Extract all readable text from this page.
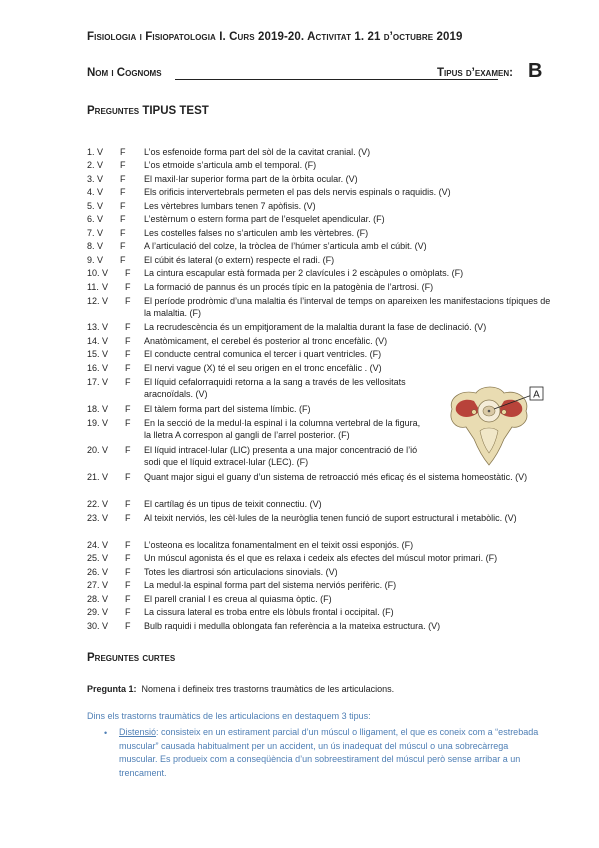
Fisiologia i Fisiopatologia I. Curs 2019-20. Activitat 1. 21 d’octubre 2019
Nom i Cognoms	Tipus d’examen: B
Preguntes TIPUS TEST
1. V F L’os esfenoide forma part del sòl de la cavitat cranial. (V)
2. V F L’os etmoide s’articula amb el temporal. (F)
3. V F El maxil·lar superior forma part de la òrbita ocular. (V)
4. V F Els orificis intervertebrals permeten el pas dels nervis espinals o raquidis. (V)
5. V F Les vèrtebres lumbars tenen 7 apòfisis. (V)
6. V F L’estèrnum o estern forma part de l’esquelet apendicular. (F)
7. V F Les costelles falses no s’articulen amb les vèrtebres. (F)
8. V F A l’articulació del colze, la tròclea de l’húmer s’articula amb el cúbit. (V)
9. V F El cúbit és lateral (o extern) respecte el radi. (F)
10. V F La cintura escapular està formada per 2 clavícules i 2 escàpules o omòplats. (F)
11. V F La formació de pannus és un procés típic en la patogènia de l’artrosi. (F)
12. V F El període prodròmic d’una malaltia és l’interval de temps on apareixen les manifestacions típiques de la malaltia. (F)
13. V F La recrudescència és un empitjorament de la malaltia durant la fase de declinació. (V)
14. V F Anatòmicament, el cerebel és posterior al tronc encefàlic. (V)
15. V F El conducte central comunica el tercer i quart ventricles. (F)
16. V F El nervi vague (X) té el seu origen en el tronc encefàlic . (V)
17. V F El líquid cefalorraquidi retorna a la sang a través de les vellositats aracnoïdals. (V)
18. V F El tàlem forma part del sistema límbic. (F)
19. V F En la secció de la medul·la espinal i la columna vertebral de la figura, la lletra A correspon al gangli de l’arrel posterior. (F)
20. V F El líquid intracel·lular (LIC) presenta a una major concentració de l’ió sodi que el líquid extracel·lular (LEC). (F)
21. V F Quant major sigui el guany d’un sistema de retroacció més eficaç és el sistema homeostàtic. (V)
22. V F El cartílag és un tipus de teixit connectiu. (V)
23. V F Al teixit nerviós, les cèl·lules de la neuròglia tenen funció de suport estructural i metabòlic. (V)
24. V F L’osteona es localitza fonamentalment en el teixit ossi esponjós. (F)
25. V F Un múscul agonista és el que es relaxa i cedeix als efectes del múscul motor primari. (F)
26. V F Totes les diartrosi són articulacions sinovials. (V)
27. V F La medul·la espinal forma part del sistema nerviós perifèric. (F)
28. V F El parell cranial I es creua al quiasma òptic. (F)
29. V F La cissura lateral es troba entre els lòbuls frontal i occipital. (F)
30. V F Bulb raquidi i medulla oblongata fan referència a la mateixa estructura. (V)
A
Preguntes curtes
Pregunta 1: Nomena i defineix tres trastorns traumàtics de les articulacions.
Dins els trastorns traumàtics de les articulacions en destaquem 3 tipus:
•	Distensió: consisteix en un estirament parcial d’un múscul o lligament, el que es coneix com a “estrebada muscular” causada habitualment per un accident, un ús inadequat del múscul o una sobrecàrrega muscular. Es produeix com a conseqüència d’un sobreestirament del múscul però sense arribar a un trencament.
